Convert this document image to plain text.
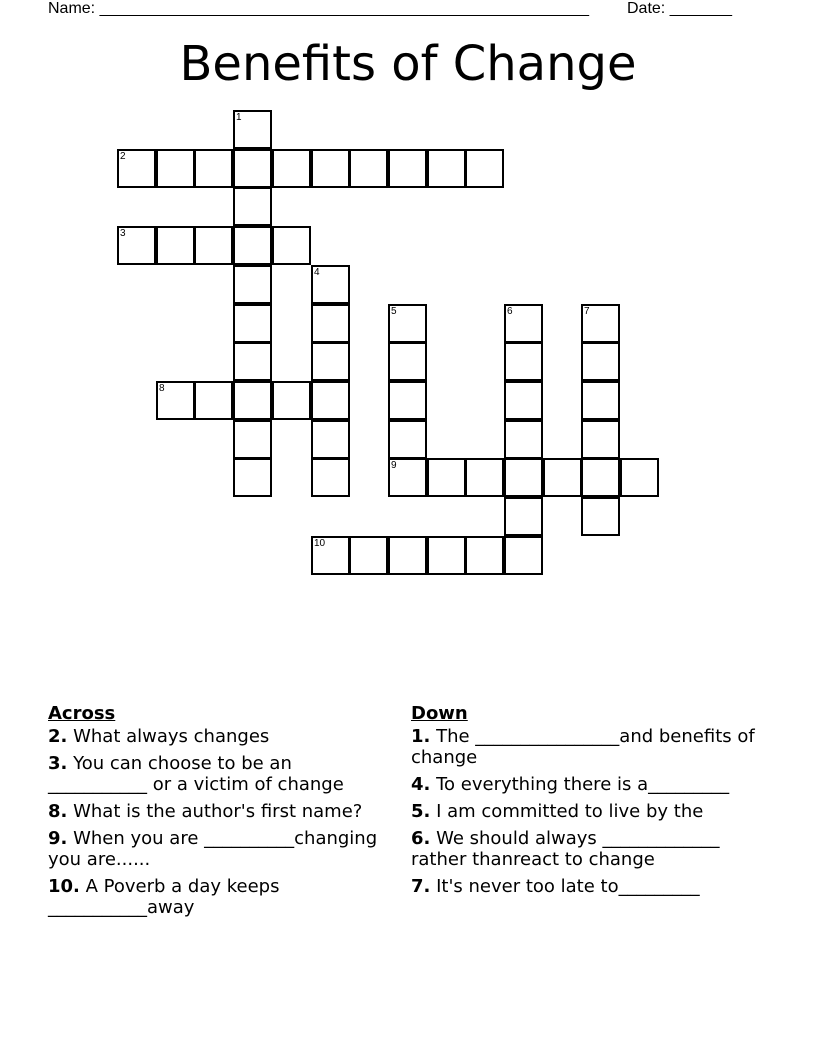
Name: _______________________________________________________ Date: _______
Benefits of Change
1
2
3
4
5	6	7
8
9
10
Across
2. What always changes
3. You can choose to be an ___________ or a victim of change
8. What is the author's first name?
9. When you are __________changing you are......
10. A Poverb a day keeps ___________away
Down
1. The ________________and benefits of change
4. To everything there is a_________
5. I am committed to live by the
6. We should always _____________ rather thanreact to change
7. It's never too late to_________
